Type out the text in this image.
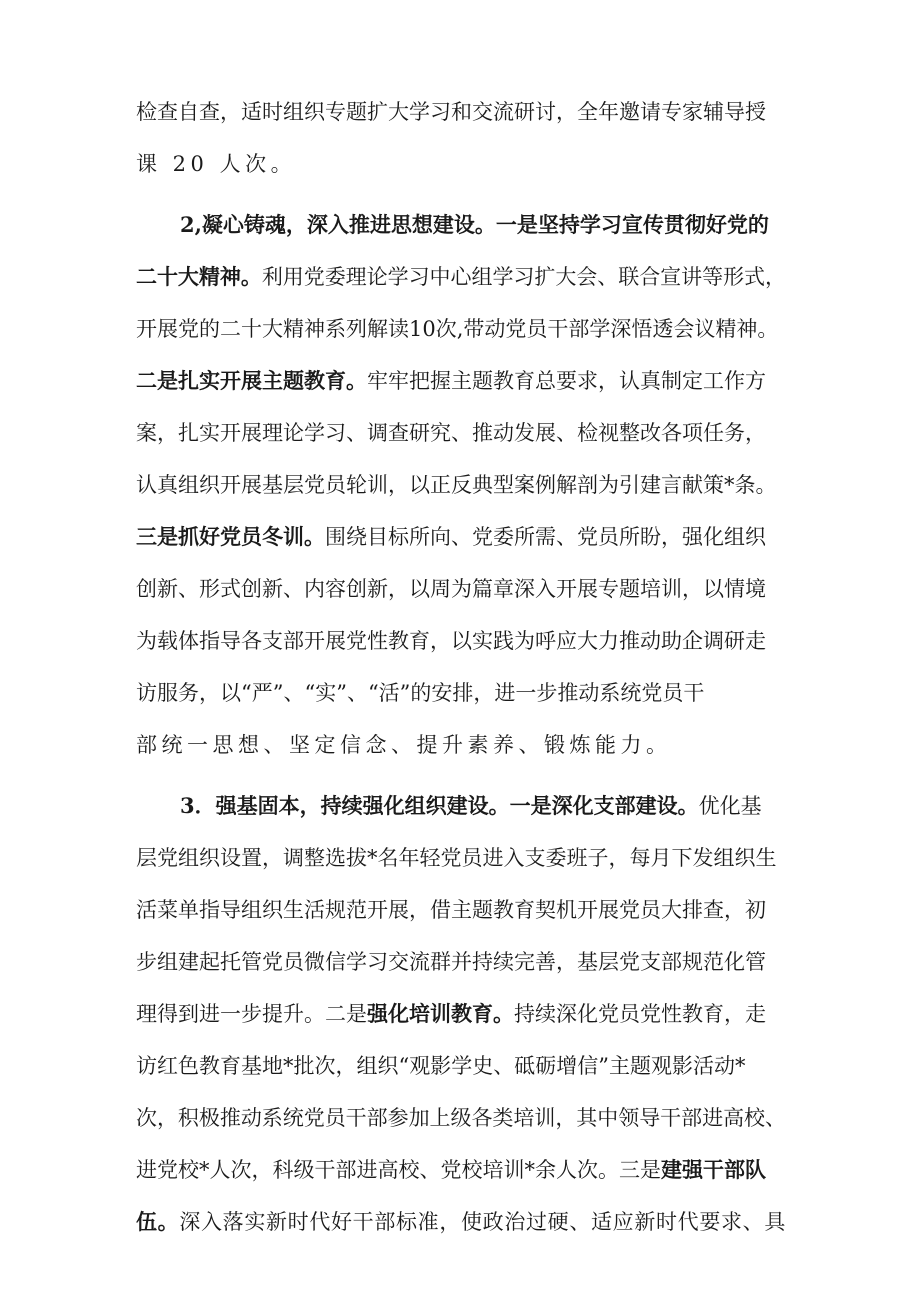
检查自查，适时组织专题扩大学习和交流研讨，全年邀请专家辅导授
课 20 人次。
2,凝心铸魂，深入推进思想建设。一是坚持学习宣传贯彻好党的
二十大精神。利用党委理论学习中心组学习扩大会、联合宣讲等形式，
开展党的二十大精神系列解读10次,带动党员干部学深悟透会议精神。
二是扎实开展主题教育。牢牢把握主题教育总要求，认真制定工作方
案，扎实开展理论学习、调查研究、推动发展、检视整改各项任务，
认真组织开展基层党员轮训，以正反典型案例解剖为引建言献策*条。
三是抓好党员冬训。围绕目标所向、党委所需、党员所盼，强化组织
创新、形式创新、内容创新，以周为篇章深入开展专题培训，以情境
为载体指导各支部开展党性教育，以实践为呼应大力推动助企调研走
访服务，以“严”、“实”、“活”的安排，进一步推动系统党员干
部统一思想、坚定信念、提升素养、锻炼能力。
3．强基固本，持续强化组织建设。一是深化支部建设。优化基
层党组织设置，调整选拔*名年轻党员进入支委班子，每月下发组织生
活菜单指导组织生活规范开展，借主题教育契机开展党员大排查，初
步组建起托管党员微信学习交流群并持续完善，基层党支部规范化管
理得到进一步提升。二是强化培训教育。持续深化党员党性教育，走
访红色教育基地*批次，组织“观影学史、砥砺增信”主题观影活动*
次，积极推动系统党员干部参加上级各类培训，其中领导干部进高校、
进党校*人次，科级干部进高校、党校培训*余人次。三是建强干部队
伍。深入落实新时代好干部标准，使政治过硬、适应新时代要求、具
